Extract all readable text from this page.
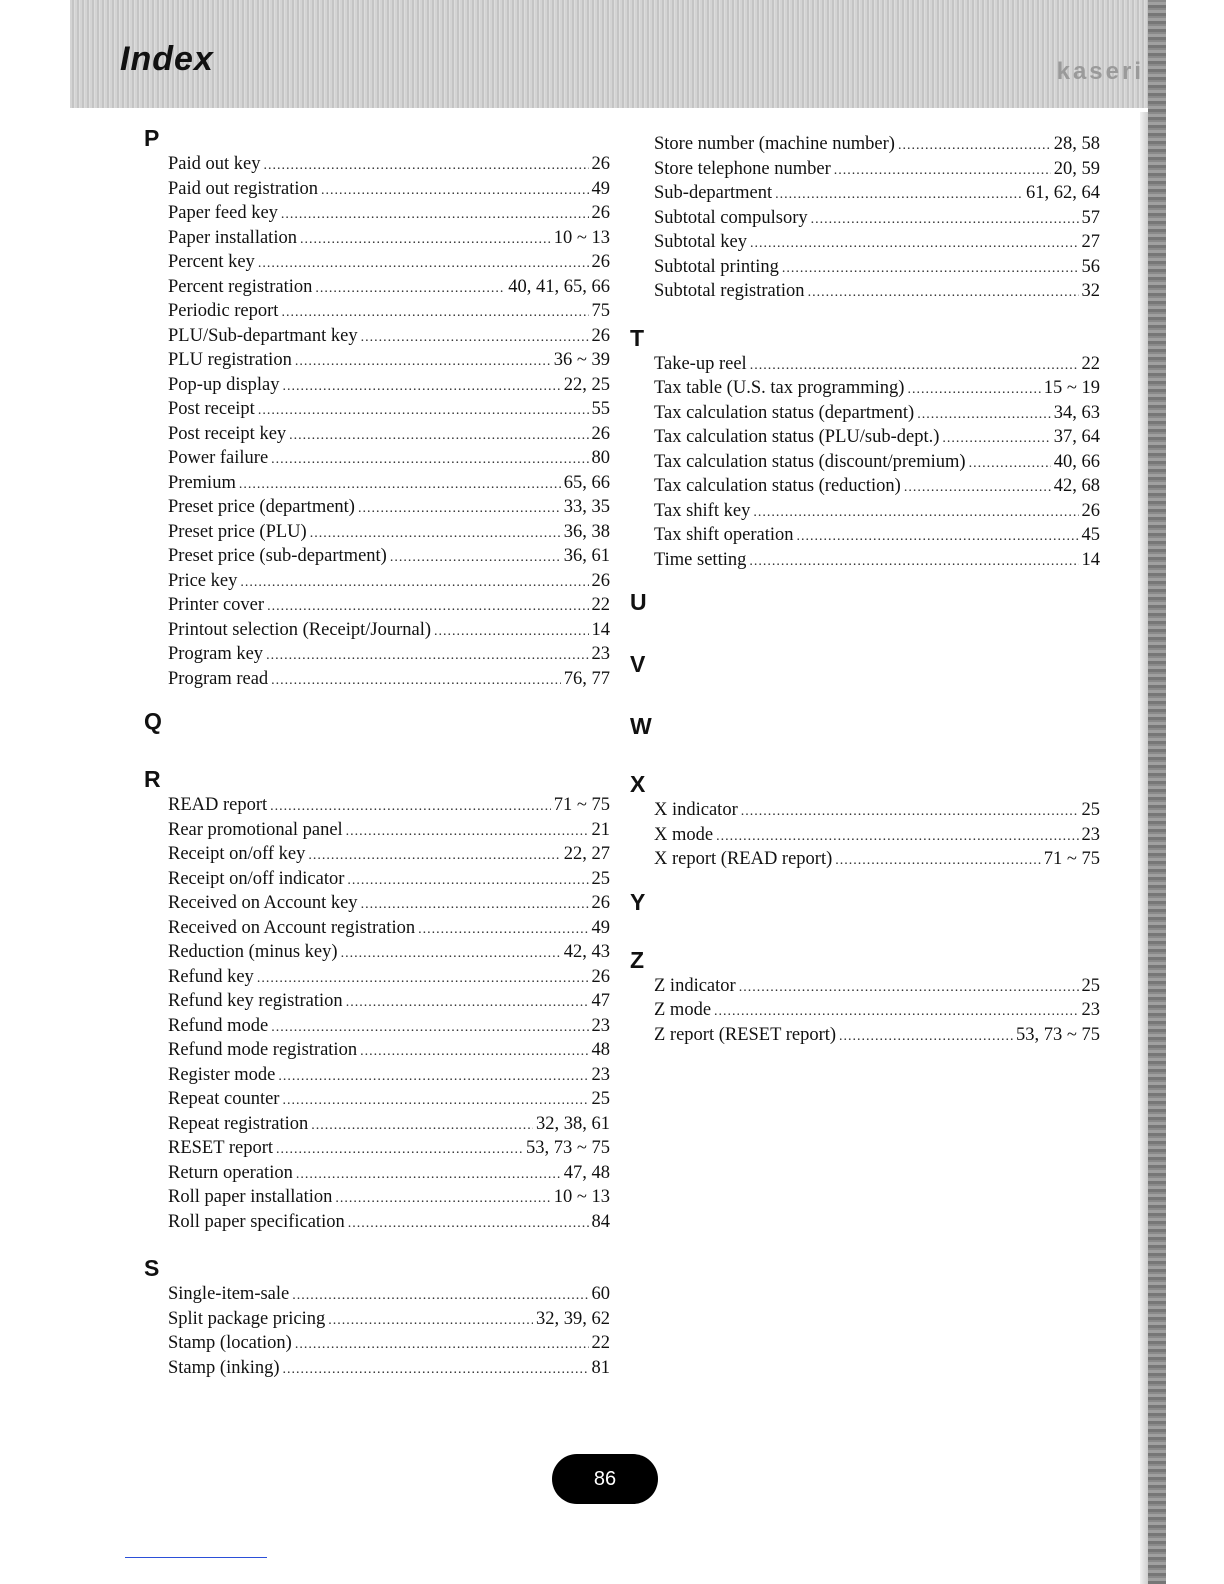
Index	kaseri
P
Paid out key .....	26
Paid out registration .....	49
Paper feed key .....	26
Paper installation .....	10 ~ 13
Percent key .....	26
Percent registration .....	40, 41, 65, 66
Periodic report .....	75
PLU/Sub-departmant key .....	26
PLU registration .....	36 ~ 39
Pop-up display .....	22, 25
Post receipt .....	55
Post receipt key .....	26
Power failure .....	80
Premium .....	65, 66
Preset price (department) .....	33, 35
Preset price (PLU) .....	36, 38
Preset price (sub-department) .....	36, 61
Price key .....	26
Printer cover .....	22
Printout selection (Receipt/Journal) .....	14
Program key .....	23
Program read .....	76, 77
Q
R
READ report .....	71 ~ 75
Rear promotional panel .....	21
Receipt on/off key .....	22, 27
Receipt on/off indicator .....	25
Received on Account key .....	26
Received on Account registration .....	49
Reduction (minus key) .....	42, 43
Refund key .....	26
Refund key registration .....	47
Refund mode .....	23
Refund mode registration .....	48
Register mode .....	23
Repeat counter .....	25
Repeat registration .....	32, 38, 61
RESET report .....	53, 73 ~ 75
Return operation .....	47, 48
Roll paper installation .....	10 ~ 13
Roll paper specification .....	84
S
Single-item-sale .....	60
Split package pricing .....	32, 39, 62
Stamp (location) .....	22
Stamp (inking) .....	81
Store number (machine number) .....	28, 58
Store telephone number .....	20, 59
Sub-department .....	61, 62, 64
Subtotal compulsory .....	57
Subtotal key .....	27
Subtotal printing .....	56
Subtotal registration .....	32
T
Take-up reel .....	22
Tax table (U.S. tax programming) .....	15 ~ 19
Tax calculation status (department) .....	34, 63
Tax calculation status (PLU/sub-dept.) .....	37, 64
Tax calculation status (discount/premium) .....	40, 66
Tax calculation status (reduction) .....	42, 68
Tax shift key .....	26
Tax shift operation .....	45
Time setting .....	14
U
V
W
X
X indicator .....	25
X mode .....	23
X report (READ report) .....	71 ~ 75
Y
Z
Z indicator .....	25
Z mode .....	23
Z report (RESET report) .....	53, 73 ~ 75
86
